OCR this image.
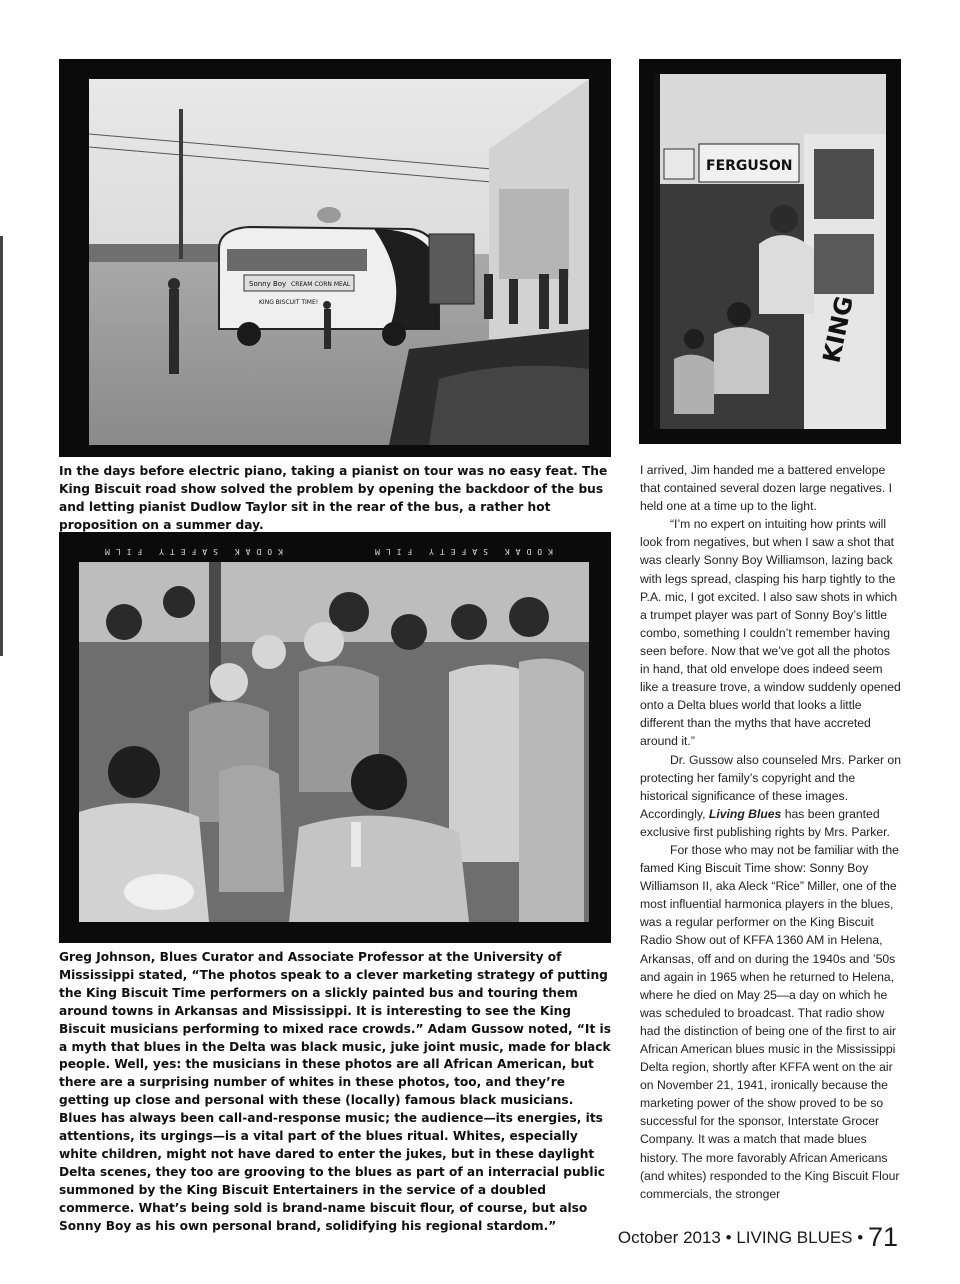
Sonny Boy CREAM CORN MEAL
KING BISCUIT TIME!
FERGUSON
KING
In the days before electric piano, taking a pianist on tour was no easy feat. The King Biscuit road show solved the problem by opening the backdoor of the bus and letting pianist Dudlow Taylor sit in the rear of the bus, a rather hot proposition on a summer day.
KODAK SAFETY FILM	KODAK SAFETY FILM
Greg Johnson, Blues Curator and Associate Professor at the University of Mississippi stated, “The photos speak to a clever marketing strategy of putting the King Biscuit Time performers on a slickly painted bus and touring them around towns in Arkansas and Mississippi. It is interesting to see the King Biscuit musicians performing to mixed race crowds.” Adam Gussow noted, “It is a myth that blues in the Delta was black music, juke joint music, made for black people. Well, yes: the musicians in these photos are all African American, but there are a surprising number of whites in these photos, too, and they’re getting up close and personal with these (locally) famous black musicians. Blues has always been call-and-response music; the audience—its energies, its attentions, its urgings—is a vital part of the blues ritual. Whites, especially white children, might not have dared to enter the jukes, but in these daylight Delta scenes, they too are grooving to the blues as part of an interracial public summoned by the King Biscuit Entertainers in the service of a doubled commerce. What’s being sold is brand-name biscuit flour, of course, but also Sonny Boy as his own personal brand, solidifying his regional stardom.”

I arrived, Jim handed me a battered envelope that contained several dozen large negatives. I held one at a time up to the light.

“I’m no expert on intuiting how prints will look from negatives, but when I saw a shot that was clearly Sonny Boy Williamson, lazing back with legs spread, clasping his harp tightly to the P.A. mic, I got excited. I also saw shots in which a trumpet player was part of Sonny Boy’s little combo, something I couldn’t remember having seen before. Now that we’ve got all the photos in hand, that old envelope does indeed seem like a treasure trove, a window suddenly opened onto a Delta blues world that looks a little different than the myths that have accreted around it.”

Dr. Gussow also counseled Mrs. Parker on protecting her family’s copyright and the historical significance of these images. Accordingly, Living Blues has been granted exclusive first publishing rights by Mrs. Parker.

For those who may not be familiar with the famed King Biscuit Time show: Sonny Boy Williamson II, aka Aleck “Rice” Miller, one of the most influential harmonica players in the blues, was a regular performer on the King Biscuit Radio Show out of KFFA 1360 AM in Helena, Arkansas, off and on during the 1940s and ’50s and again in 1965 when he returned to Helena, where he died on May 25—a day on which he was scheduled to broadcast. That radio show had the distinction of being one of the first to air African American blues music in the Mississippi Delta region, shortly after KFFA went on the air on November 21, 1941, ironically because the marketing power of the show proved to be so successful for the sponsor, Interstate Grocer Company. It was a match that made blues history. The more favorably African Americans (and whites) responded to the King Biscuit Flour commercials, the stronger

October 2013 • LIVING BLUES • 71
